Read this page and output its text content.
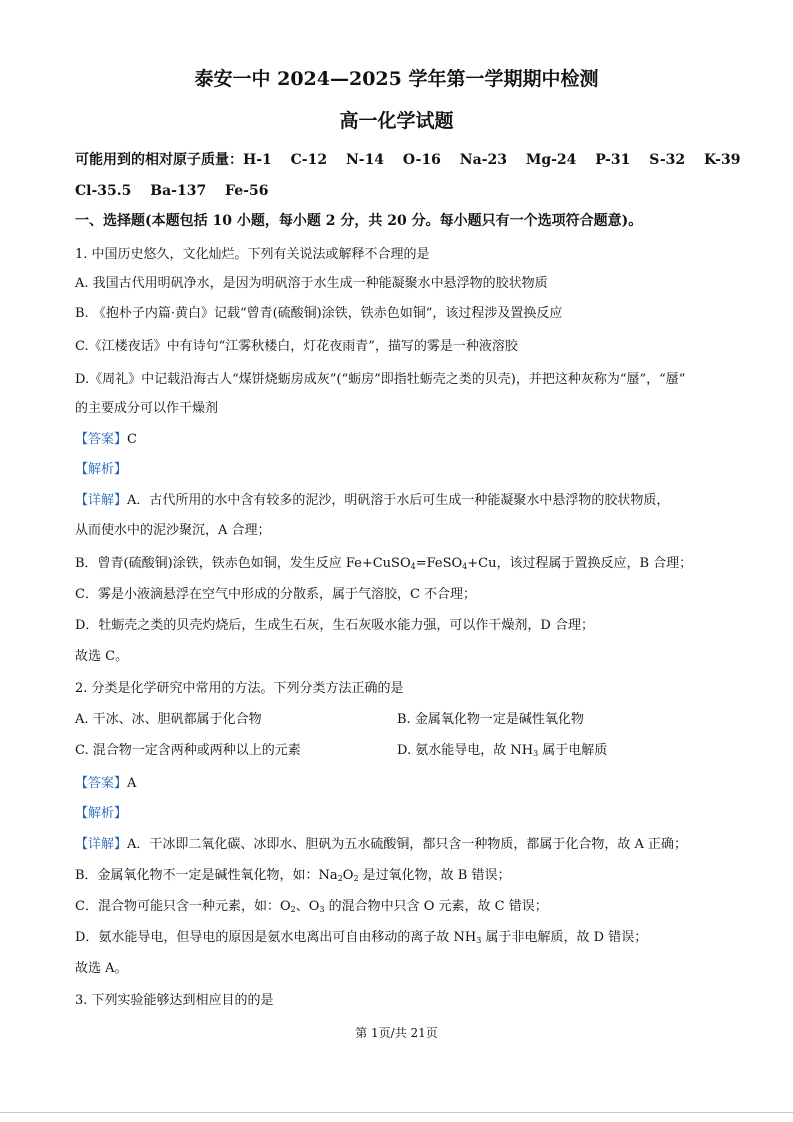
泰安一中 2024—2025 学年第一学期期中检测
高一化学试题
可能用到的相对原子质量：H-1　 C-12　 N-14　 O-16　 Na-23　 Mg-24　 P-31　 S-32　 K-39
Cl-35.5　 Ba-137　 Fe-56
一、选择题(本题包括 10 小题，每小题 2 分，共 20 分。每小题只有一个选项符合题意)。
1. 中国历史悠久，文化灿烂。下列有关说法或解释不合理的是
A. 我国古代用明矾净水，是因为明矾溶于水生成一种能凝聚水中悬浮物的胶状物质
B. 《抱朴子内篇·黄白》记载“曾青(硫酸铜)涂铁，铁赤色如铜”，该过程涉及置换反应
C.《江楼夜话》中有诗句“江雾秋楼白，灯花夜雨青”，描写的雾是一种液溶胶
D.《周礼》中记载沿海古人“煤饼烧蛎房成灰”(“蛎房”即指牡蛎壳之类的贝壳)，并把这种灰称为“蜃”，“蜃”
的主要成分可以作干燥剂
【答案】C
【解析】
【详解】A．古代所用的水中含有较多的泥沙，明矾溶于水后可生成一种能凝聚水中悬浮物的胶状物质，
从而使水中的泥沙聚沉，A 合理；
B．曾青(硫酸铜)涂铁，铁赤色如铜，发生反应 Fe+CuSO$_4$=FeSO$_4$+Cu，该过程属于置换反应，B 合理；
C．雾是小液滴悬浮在空气中形成的分散系，属于气溶胶，C 不合理；
D．牡蛎壳之类的贝壳灼烧后，生成生石灰，生石灰吸水能力强，可以作干燥剂，D 合理；
故选 C。
2. 分类是化学研究中常用的方法。下列分类方法正确的是
A. 干冰、冰、胆矾都属于化合物	B. 金属氧化物一定是碱性氧化物
C. 混合物一定含两种或两种以上的元素	D. 氨水能导电，故 $NH_3$ 属于电解质
【答案】A
【解析】
【详解】A．干冰即二氧化碳、冰即水、胆矾为五水硫酸铜，都只含一种物质，都属于化合物，故 A 正确；
B．金属氧化物不一定是碱性氧化物，如：$Na_2O_2$ 是过氧化物，故 B 错误；
C．混合物可能只含一种元素，如：$O_2$、$O_3$ 的混合物中只含 O 元素，故 C 错误；
D．氨水能导电，但导电的原因是氨水电离出可自由移动的离子故 $NH_3$ 属于非电解质，故 D 错误；
故选 A。
3. 下列实验能够达到相应目的的是
第 1页/共 21页
